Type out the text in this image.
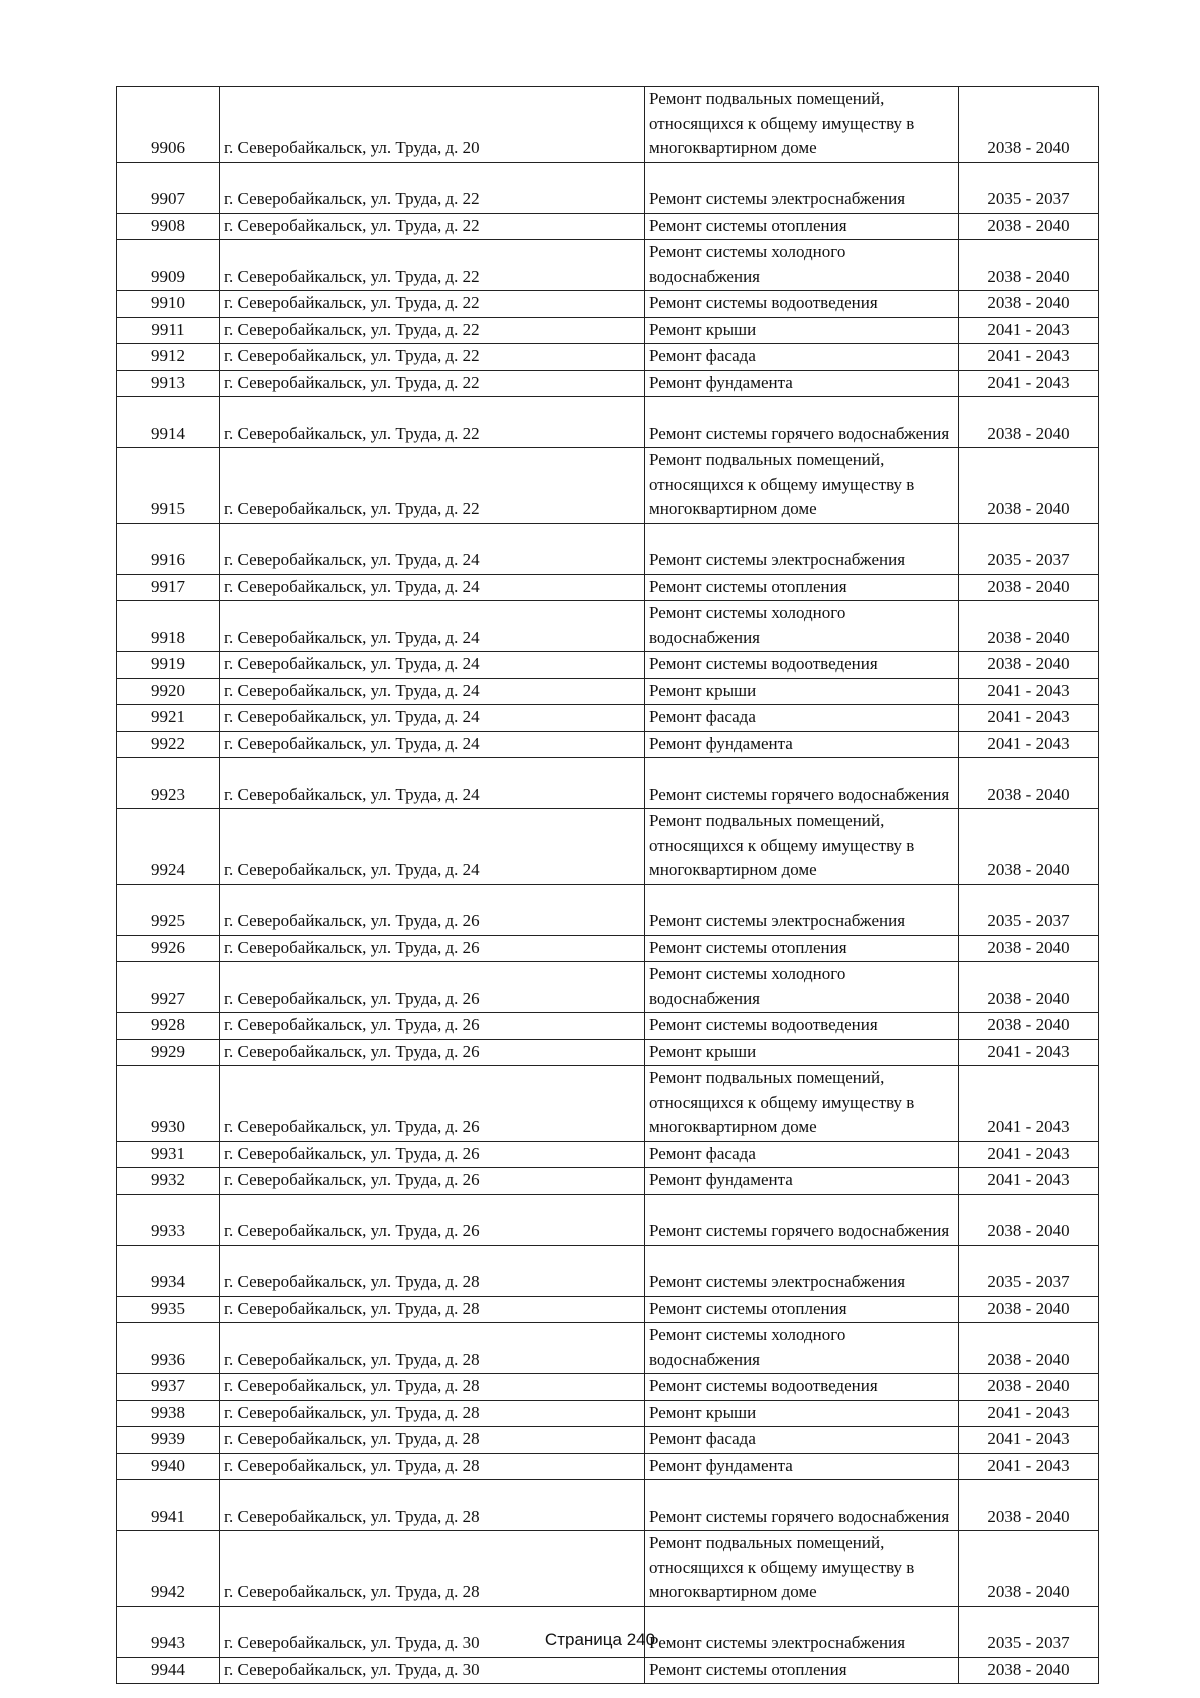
9906	г. Северобайкальск, ул. Труда, д. 20	Ремонт подвальных помещений, относящихся к общему имуществу в многоквартирном доме	2038 - 2040
9907	г. Северобайкальск, ул. Труда, д. 22	Ремонт системы электроснабжения	2035 - 2037
9908	г. Северобайкальск, ул. Труда, д. 22	Ремонт системы отопления	2038 - 2040
9909	г. Северобайкальск, ул. Труда, д. 22	Ремонт системы холодного водоснабжения	2038 - 2040
9910	г. Северобайкальск, ул. Труда, д. 22	Ремонт системы водоотведения	2038 - 2040
9911	г. Северобайкальск, ул. Труда, д. 22	Ремонт крыши	2041 - 2043
9912	г. Северобайкальск, ул. Труда, д. 22	Ремонт фасада	2041 - 2043
9913	г. Северобайкальск, ул. Труда, д. 22	Ремонт фундамента	2041 - 2043
9914	г. Северобайкальск, ул. Труда, д. 22	Ремонт системы горячего водоснабжения	2038 - 2040
9915	г. Северобайкальск, ул. Труда, д. 22	Ремонт подвальных помещений, относящихся к общему имуществу в многоквартирном доме	2038 - 2040
9916	г. Северобайкальск, ул. Труда, д. 24	Ремонт системы электроснабжения	2035 - 2037
9917	г. Северобайкальск, ул. Труда, д. 24	Ремонт системы отопления	2038 - 2040
9918	г. Северобайкальск, ул. Труда, д. 24	Ремонт системы холодного водоснабжения	2038 - 2040
9919	г. Северобайкальск, ул. Труда, д. 24	Ремонт системы водоотведения	2038 - 2040
9920	г. Северобайкальск, ул. Труда, д. 24	Ремонт крыши	2041 - 2043
9921	г. Северобайкальск, ул. Труда, д. 24	Ремонт фасада	2041 - 2043
9922	г. Северобайкальск, ул. Труда, д. 24	Ремонт фундамента	2041 - 2043
9923	г. Северобайкальск, ул. Труда, д. 24	Ремонт системы горячего водоснабжения	2038 - 2040
9924	г. Северобайкальск, ул. Труда, д. 24	Ремонт подвальных помещений, относящихся к общему имуществу в многоквартирном доме	2038 - 2040
9925	г. Северобайкальск, ул. Труда, д. 26	Ремонт системы электроснабжения	2035 - 2037
9926	г. Северобайкальск, ул. Труда, д. 26	Ремонт системы отопления	2038 - 2040
9927	г. Северобайкальск, ул. Труда, д. 26	Ремонт системы холодного водоснабжения	2038 - 2040
9928	г. Северобайкальск, ул. Труда, д. 26	Ремонт системы водоотведения	2038 - 2040
9929	г. Северобайкальск, ул. Труда, д. 26	Ремонт крыши	2041 - 2043
9930	г. Северобайкальск, ул. Труда, д. 26	Ремонт подвальных помещений, относящихся к общему имуществу в многоквартирном доме	2041 - 2043
9931	г. Северобайкальск, ул. Труда, д. 26	Ремонт фасада	2041 - 2043
9932	г. Северобайкальск, ул. Труда, д. 26	Ремонт фундамента	2041 - 2043
9933	г. Северобайкальск, ул. Труда, д. 26	Ремонт системы горячего водоснабжения	2038 - 2040
9934	г. Северобайкальск, ул. Труда, д. 28	Ремонт системы электроснабжения	2035 - 2037
9935	г. Северобайкальск, ул. Труда, д. 28	Ремонт системы отопления	2038 - 2040
9936	г. Северобайкальск, ул. Труда, д. 28	Ремонт системы холодного водоснабжения	2038 - 2040
9937	г. Северобайкальск, ул. Труда, д. 28	Ремонт системы водоотведения	2038 - 2040
9938	г. Северобайкальск, ул. Труда, д. 28	Ремонт крыши	2041 - 2043
9939	г. Северобайкальск, ул. Труда, д. 28	Ремонт фасада	2041 - 2043
9940	г. Северобайкальск, ул. Труда, д. 28	Ремонт фундамента	2041 - 2043
9941	г. Северобайкальск, ул. Труда, д. 28	Ремонт системы горячего водоснабжения	2038 - 2040
9942	г. Северобайкальск, ул. Труда, д. 28	Ремонт подвальных помещений, относящихся к общему имуществу в многоквартирном доме	2038 - 2040
9943	г. Северобайкальск, ул. Труда, д. 30	Ремонт системы электроснабжения	2035 - 2037
9944	г. Северобайкальск, ул. Труда, д. 30	Ремонт системы отопления	2038 - 2040
Страница 240
